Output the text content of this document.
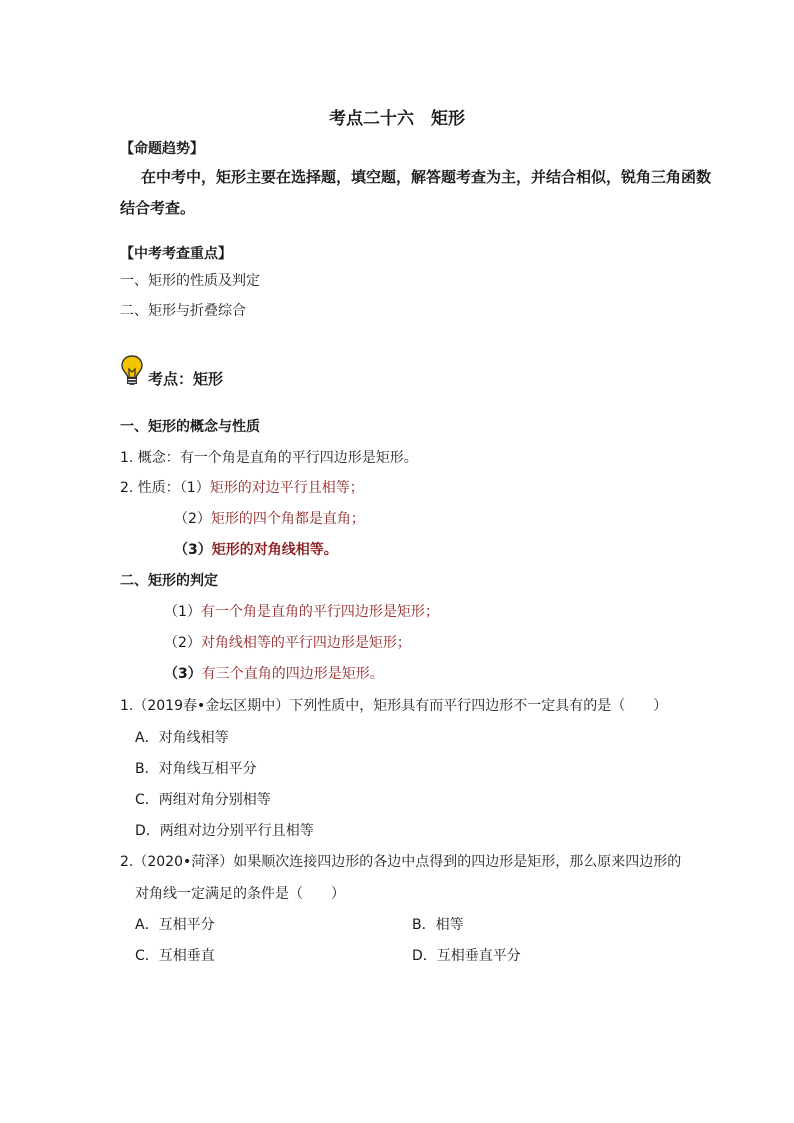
考点二十六　矩形
【命题趋势】
在中考中，矩形主要在选择题，填空题，解答题考查为主，并结合相似，锐角三角函数
结合考查。
【中考考查重点】
一、矩形的性质及判定
二、矩形与折叠综合
考点：矩形
一、矩形的概念与性质
1. 概念：有一个角是直角的平行四边形是矩形。
2. 性质：（1）矩形的对边平行且相等；
（2）矩形的四个角都是直角；
（3）矩形的对角线相等。
二、矩形的判定
（1）有一个角是直角的平行四边形是矩形；
（2）对角线相等的平行四边形是矩形；
（3）有三个直角的四边形是矩形。
1.（2019春•金坛区期中）下列性质中，矩形具有而平行四边形不一定具有的是（　　）
A．对角线相等
B．对角线互相平分
C．两组对角分别相等
D．两组对边分别平行且相等
2.（2020•菏泽）如果顺次连接四边形的各边中点得到的四边形是矩形，那么原来四边形的
对角线一定满足的条件是（　　）
A．互相平分	B．相等
C．互相垂直	D．互相垂直平分
